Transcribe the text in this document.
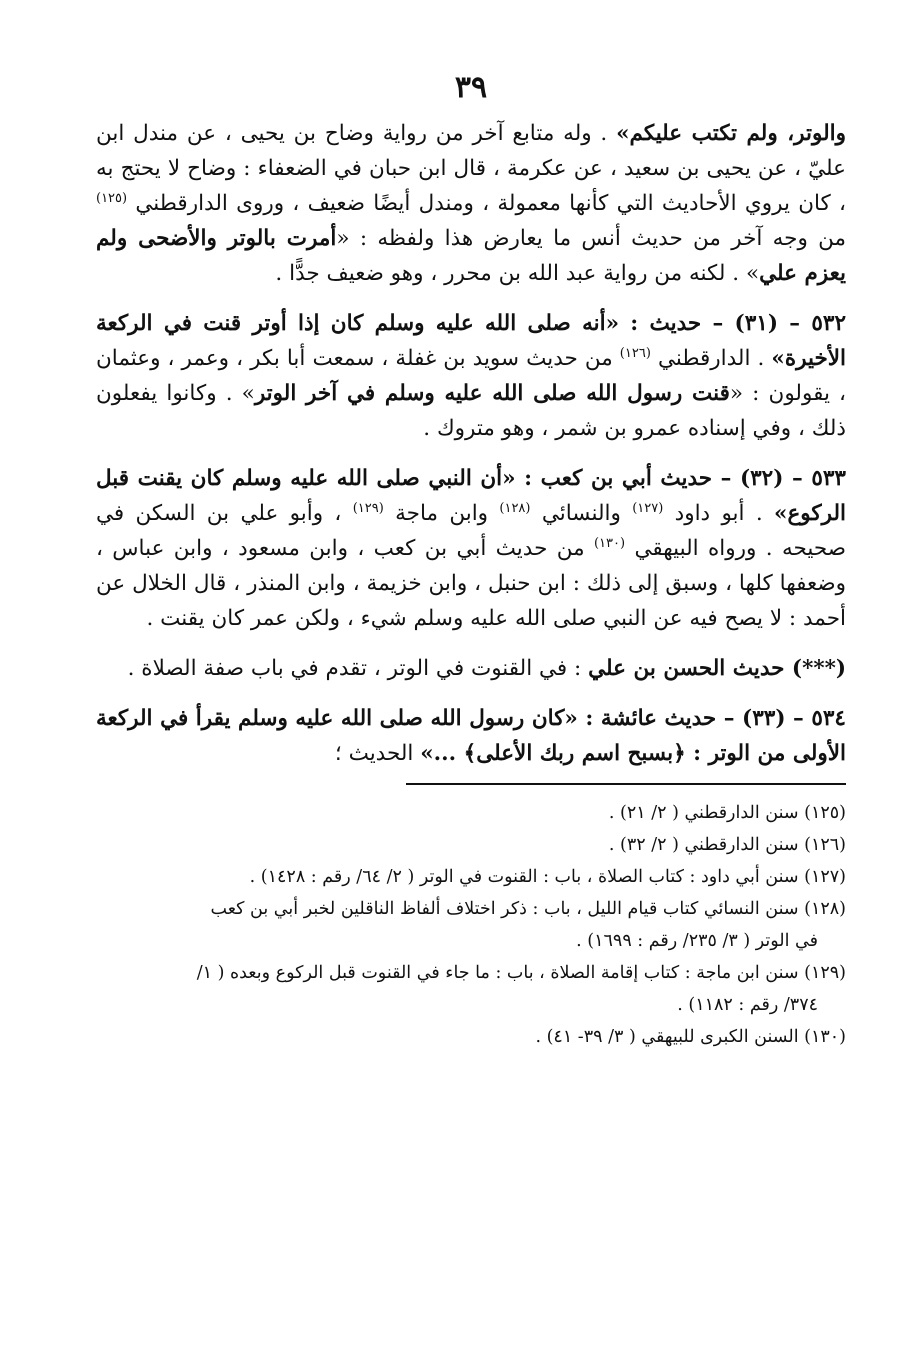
٣٩

والوتر، ولم تكتب عليكم» . وله متابع آخر من رواية وضاح بن يحيى ، عن مندل ابن عليّ ، عن يحيى بن سعيد ، عن عكرمة ، قال ابن حبان في الضعفاء : وضاح لا يحتج به ، كان يروي الأحاديث التي كأنها معمولة ، ومندل أيضًا ضعيف ، وروى الدارقطني $^{(١٢٥)}$ من وجه آخر من حديث أنس ما يعارض هذا ولفظه : «أمرت بالوتر والأضحى ولم يعزم علي» . لكنه من رواية عبد الله بن محرر ، وهو ضعيف جدًّا .

٥٣٢ – (٣١) – حديث : «أنه صلى الله عليه وسلم كان إذا أوتر قنت في الركعة الأخيرة» . الدارقطني $^{(١٢٦)}$ من حديث سويد بن غفلة ، سمعت أبا بكر ، وعمر ، وعثمان ، يقولون : «قنت رسول الله صلى الله عليه وسلم في آخر الوتر» . وكانوا يفعلون ذلك ، وفي إسناده عمرو بن شمر ، وهو متروك .

٥٣٣ – (٣٢) – حديث أبي بن كعب : «أن النبي صلى الله عليه وسلم كان يقنت قبل الركوع» . أبو داود $^{(١٢٧)}$ والنسائي $^{(١٢٨)}$ وابن ماجة $^{(١٢٩)}$ ، وأبو علي بن السكن في صحيحه . ورواه البيهقي $^{(١٣٠)}$ من حديث أبي بن كعب ، وابن مسعود ، وابن عباس ، وضعفها كلها ، وسبق إلى ذلك : ابن حنبل ، وابن خزيمة ، وابن المنذر ، قال الخلال عن أحمد : لا يصح فيه عن النبي صلى الله عليه وسلم شيء ، ولكن عمر كان يقنت .

(***) حديث الحسن بن علي : في القنوت في الوتر ، تقدم في باب صفة الصلاة .

٥٣٤ – (٣٣) – حديث عائشة : «كان رسول الله صلى الله عليه وسلم يقرأ في الركعة الأولى من الوتر : ﴿بسبح اسم ربك الأعلى﴾ ...» الحديث ؛

(١٢٥) سنن الدارقطني ( ٢/ ٢١) .

(١٢٦) سنن الدارقطني ( ٢/ ٣٢) .

(١٢٧) سنن أبي داود : كتاب الصلاة ، باب : القنوت في الوتر ( ٢/ ٦٤/ رقم : ١٤٢٨) .

(١٢٨) سنن النسائي كتاب قيام الليل ، باب : ذكر اختلاف ألفاظ الناقلين لخبر أبي بن كعب
في الوتر ( ٣/ ٢٣٥/ رقم : ١٦٩٩) .

(١٢٩) سنن ابن ماجة : كتاب إقامة الصلاة ، باب : ما جاء في القنوت قبل الركوع وبعده ( ١/
٣٧٤/ رقم : ١١٨٢) .

(١٣٠) السنن الكبرى للبيهقي ( ٣/ ٣٩- ٤١) .
